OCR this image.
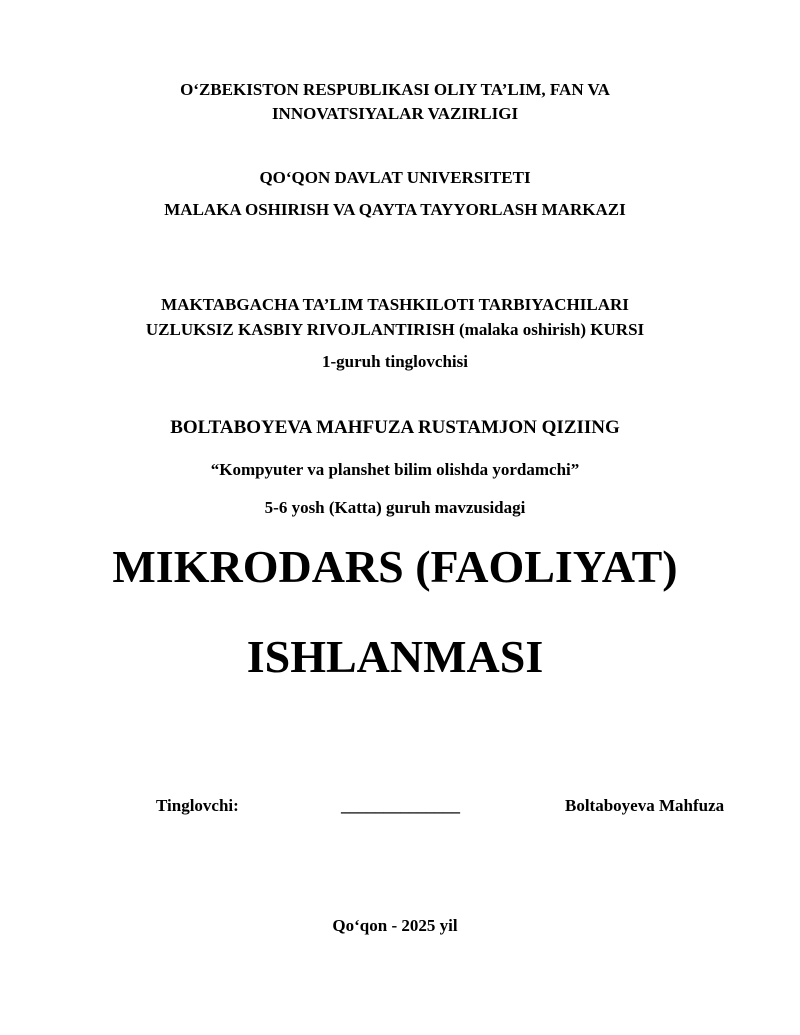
O‘ZBEKISTON RESPUBLIKASI OLIY TA’LIM, FAN VA
INNOVATSIYALAR VAZIRLIGI
QO‘QON DAVLAT UNIVERSITETI
MALAKA OSHIRISH VA QAYTA TAYYORLASH MARKAZI
MAKTABGACHA TA’LIM TASHKILOTI TARBIYACHILARI
UZLUKSIZ KASBIY RIVOJLANTIRISH (malaka oshirish) KURSI
1-guruh tinglovchisi
BOLTABOYEVA MAHFUZA RUSTAMJON QIZIING
“Kompyuter va planshet bilim olishda yordamchi”
5-6 yosh (Katta) guruh mavzusidagi
MIKRODARS (FAOLIYAT)
ISHLANMASI
Tinglovchi:	______________	Boltaboyeva Mahfuza
Qo‘qon - 2025 yil
